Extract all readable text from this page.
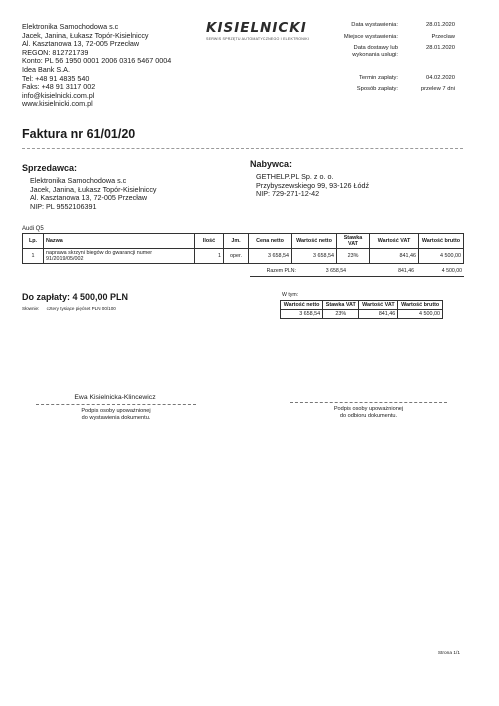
Elektronika Samochodowa s.c
Jacek, Janina, Łukasz Topór-Kisielniccy
Al. Kasztanowa 13, 72-005 Przecław
REGON: 812721739
Konto: PL 56 1950 0001 2006 0316 5467 0004
Idea Bank S.A.
Tel: +48 91 4835 540
Faks: +48 91 3117 002
info@kisielnicki.com.pl
www.kisielnicki.com.pl
KISIELNICKI
SERWIS SPRZĘTU AUTOMATYCZNEGO I ELEKTRONIKI
Data wystawienia:	28.01.2020
Miejsce wystawienia:	Przecław
Data dostawy lub	28.01.2020
wykonania usługi:
Termin zapłaty:	04.02.2020
Sposób zapłaty:	przelew 7 dni
Faktura nr 61/01/20
Sprzedawca:
Elektronika Samochodowa s.c
Jacek, Janina, Łukasz Topór-Kisielniccy
Al. Kasztanowa 13, 72-005 Przecław
NIP: PL 9552106391
Nabywca:
GETHELP.PL Sp. z o. o.
Przybyszewskiego 99, 93-126 Łódź
NIP: 729-271-12-42
Audi Q5
Lp.	Nazwa	Ilość	Jm.	Cena netto	Wartość netto	Stawka VAT	Wartość VAT	Wartość brutto
1	naprawa skrzyni biegów do gwarancji numer
91/2019/05/002	1	oper.	3 658,54	3 658,54	23%	841,46	4 500,00
Razem PLN:	3 658,54	841,46	4 500,00
Do zapłaty: 4 500,00 PLN
Słownie: cztery tysiące pięćset PLN 00/100
W tym:
Wartość netto	Stawka VAT	Wartość VAT	Wartość brutto
3 658,54	23%	841,46	4 500,00
Ewa Kisielnicka-Klincewicz
Podpis osoby upoważnionej
do wystawienia dokumentu.
Podpis osoby upoważnionej
do odbioru dokumentu.
Strona 1/1
